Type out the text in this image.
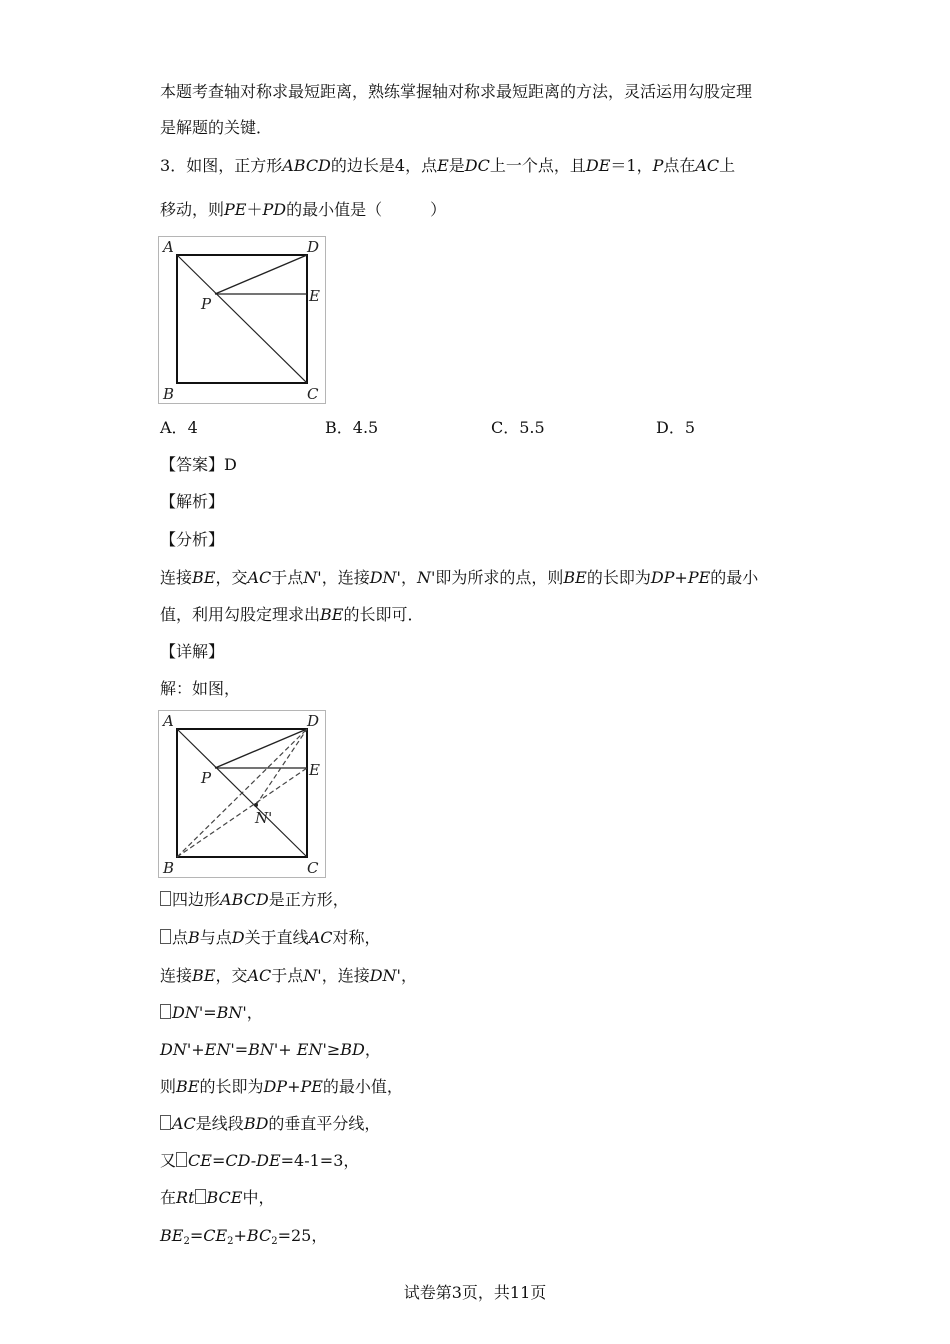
本题考查轴对称求最短距离，熟练掌握轴对称求最短距离的方法，灵活运用勾股定理
是解题的关键．
3．如图，正方形ABCD的边长是4，点E是DC上一个点，且DE＝1，P点在AC上
移动，则PE＋PD的最小值是（　　　）
A	D
B	C
P	E
A．4	B．4.5	C．5.5	D．5
【答案】D
【解析】
【分析】
连接BE，交AC于点N'，连接DN'，N'即为所求的点，则BE的长即为DP+PE的最小
值，利用勾股定理求出BE的长即可．
【详解】
解：如图，
A	D
B	C
P	E
N'
四边形ABCD是正方形，
点B与点D关于直线AC对称，
连接BE，交AC于点N'，连接DN'，
DN'=BN'，
DN'+EN'=BN'+ EN'≥BD，
则BE的长即为DP+PE的最小值，
AC是线段BD的垂直平分线，
又 CE=CD-DE=4-1=3，
在Rt BCE中，
$BE_2=CE_2+BC_2=25$，
试卷第3页，共11页
